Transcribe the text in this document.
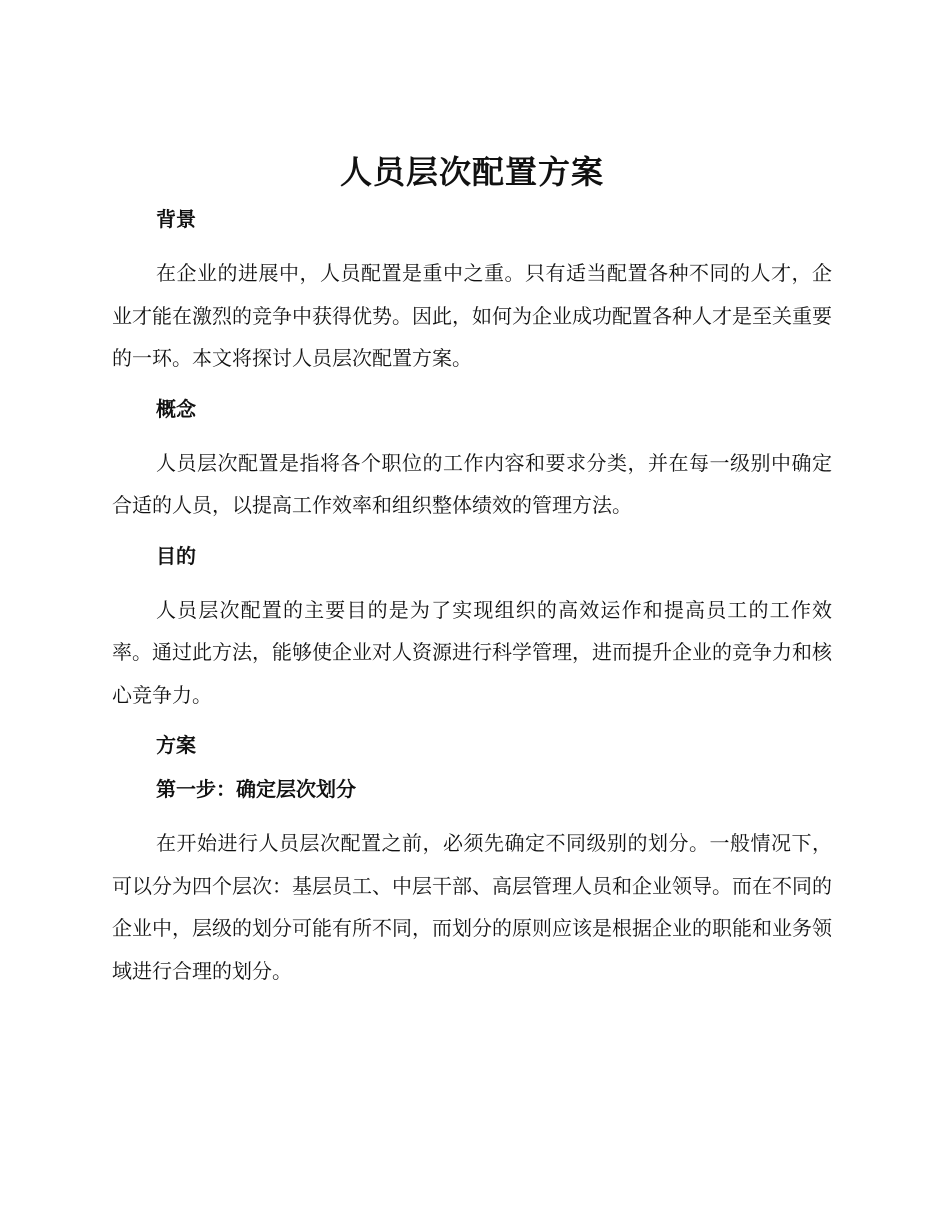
人员层次配置方案
背景

在企业的进展中，人员配置是重中之重。只有适当配置各种不同的人才，企业才能在激烈的竞争中获得优势。因此，如何为企业成功配置各种人才是至关重要的一环。本文将探讨人员层次配置方案。

概念

人员层次配置是指将各个职位的工作内容和要求分类，并在每一级别中确定合适的人员，以提高工作效率和组织整体绩效的管理方法。

目的

人员层次配置的主要目的是为了实现组织的高效运作和提高员工的工作效率。通过此方法，能够使企业对人资源进行科学管理，进而提升企业的竞争力和核心竞争力。

方案
第一步：确定层次划分

在开始进行人员层次配置之前，必须先确定不同级别的划分。一般情况下，可以分为四个层次：基层员工、中层干部、高层管理人员和企业领导。而在不同的企业中，层级的划分可能有所不同，而划分的原则应该是根据企业的职能和业务领域进行合理的划分。
